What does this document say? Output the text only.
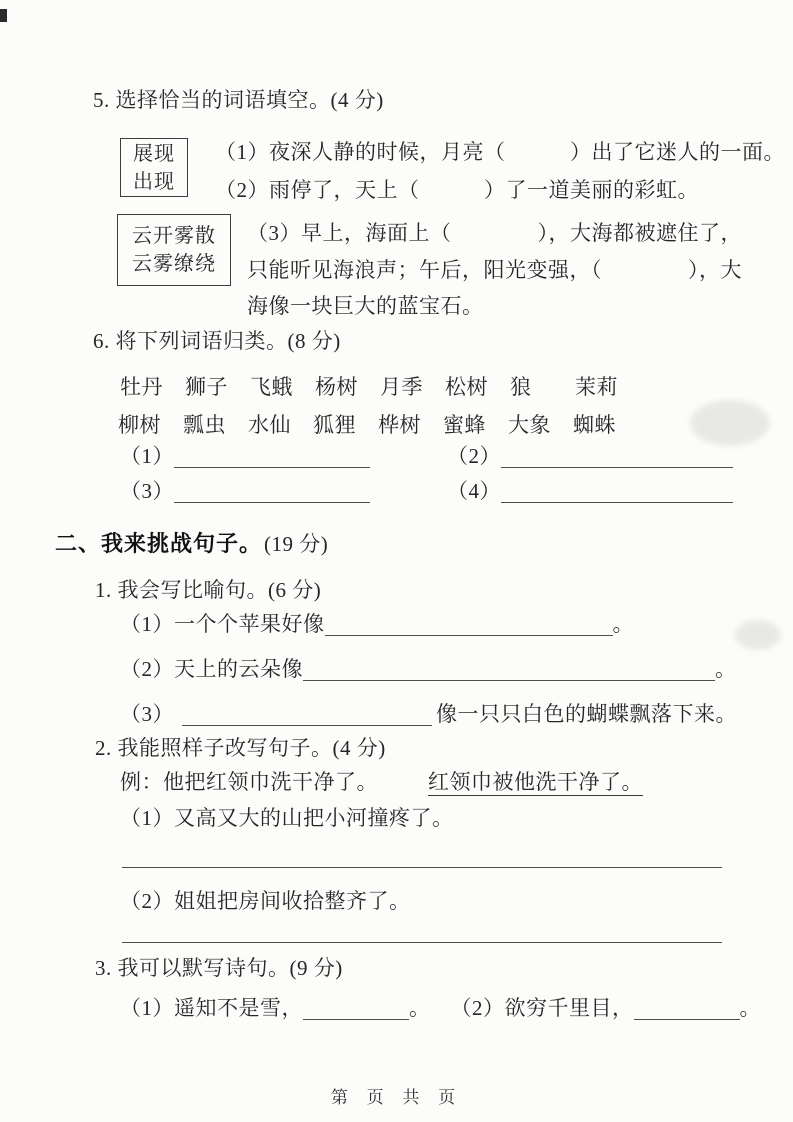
5. 选择恰当的词语填空。(4 分)
展现
出现
（1）夜深人静的时候，月亮（　　　）出了它迷人的一面。
（2）雨停了，天上（　　　）了一道美丽的彩虹。
云开雾散
云雾缭绕
（3）早上，海面上（　　　　），大海都被遮住了，
只能听见海浪声；午后，阳光变强，（　　　　），大
海像一块巨大的蓝宝石。
6. 将下列词语归类。(8 分)
牡丹 狮子 飞蛾 杨树 月季 松树 狼 茉莉
柳树 瓢虫 水仙 狐狸 桦树 蜜蜂 大象 蜘蛛
（1）	（2）
（3）	（4）
二、我来挑战句子。(19 分)
1. 我会写比喻句。(6 分)
（1）一个个苹果好像	。
（2）天上的云朵像	。
（3）	像一只只白色的蝴蝶飘落下来。
2. 我能照样子改写句子。(4 分)
例：他把红领巾洗干净了。 红领巾被他洗干净了。
（1）又高又大的山把小河撞疼了。
（2）姐姐把房间收拾整齐了。
3. 我可以默写诗句。(9 分)
（1）遥知不是雪，	。 （2）欲穷千里目，	。
第 页 共 页
